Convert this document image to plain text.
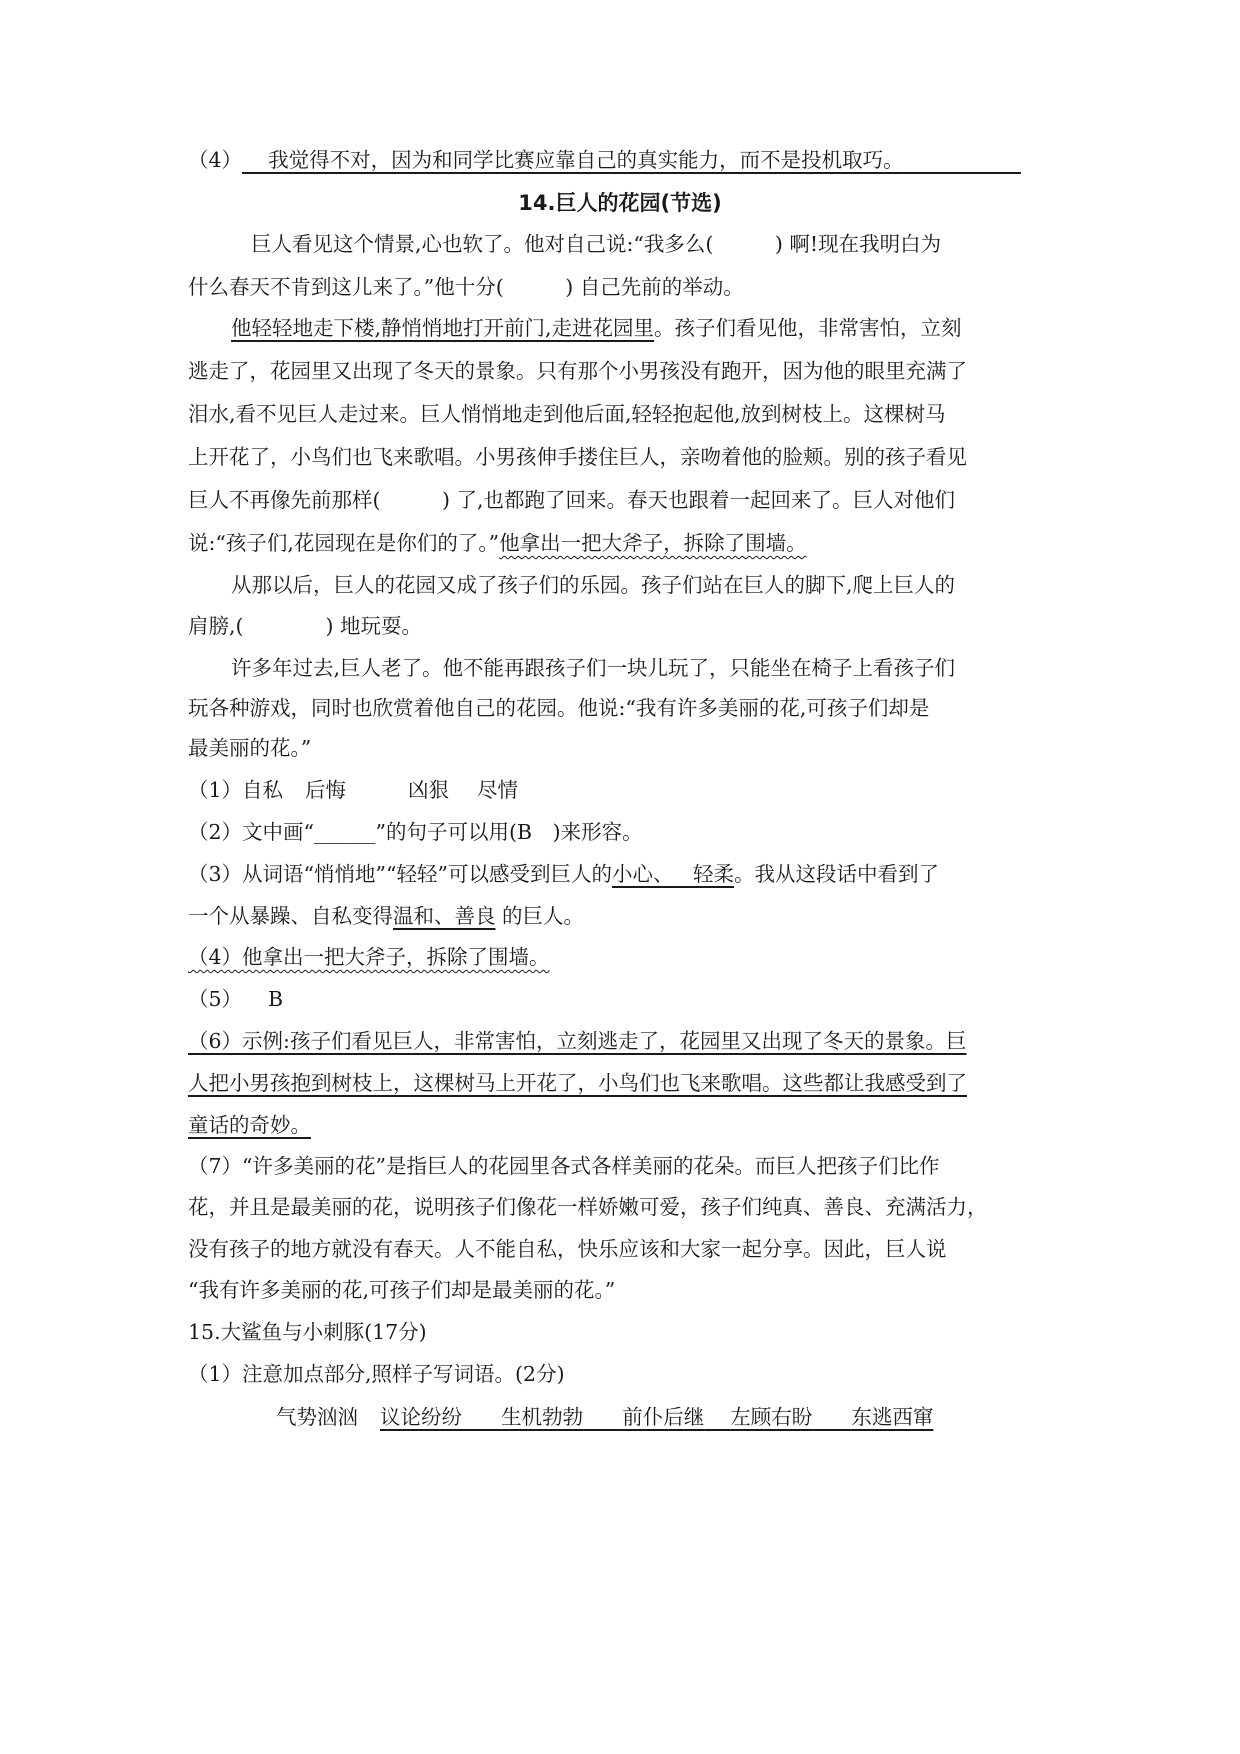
（4） 我觉得不对，因为和同学比赛应靠自己的真实能力，而不是投机取巧。
14.巨人的花园(节选)
巨人看见这个情景,心也软了。他对自己说:“我多么(　　　) 啊!现在我明白为
什么春天不肯到这儿来了。”他十分(　　　) 自己先前的举动。
他轻轻地走下楼,静悄悄地打开前门,走进花园里。孩子们看见他，非常害怕，立刻
逃走了，花园里又出现了冬天的景象。只有那个小男孩没有跑开，因为他的眼里充满了
泪水,看不见巨人走过来。巨人悄悄地走到他后面,轻轻抱起他,放到树枝上。这棵树马
上开花了，小鸟们也飞来歌唱。小男孩伸手搂住巨人，亲吻着他的脸颊。别的孩子看见
巨人不再像先前那样(　　　) 了,也都跑了回来。春天也跟着一起回来了。巨人对他们
说:“孩子们,花园现在是你们的了。”他拿出一把大斧子，拆除了围墙。
从那以后，巨人的花园又成了孩子们的乐园。孩子们站在巨人的脚下,爬上巨人的
肩膀,(　　　　) 地玩耍。
许多年过去,巨人老了。他不能再跟孩子们一块儿玩了，只能坐在椅子上看孩子们
玩各种游戏，同时也欣赏着他自己的花园。他说:“我有许多美丽的花,可孩子们却是
最美丽的花。”
（1）自私 后悔	凶狠 尽情
（2）文中画“______”的句子可以用(B　)来形容。
（3）从词语“悄悄地”“轻轻”可以感受到巨人的小心、 轻柔。我从这段话中看到了
一个从暴躁、自私变得温和、善良 的巨人。
（4）他拿出一把大斧子，拆除了围墙。
（5） B
（6）示例:孩子们看见巨人，非常害怕，立刻逃走了，花园里又出现了冬天的景象。巨
人把小男孩抱到树枝上，这棵树马上开花了，小鸟们也飞来歌唱。这些都让我感受到了
童话的奇妙。
（7）“许多美丽的花”是指巨人的花园里各式各样美丽的花朵。而巨人把孩子们比作
花，并且是最美丽的花，说明孩子们像花一样娇嫩可爱，孩子们纯真、善良、充满活力，
没有孩子的地方就没有春天。人不能自私，快乐应该和大家一起分享。因此，巨人说
“我有许多美丽的花,可孩子们却是最美丽的花。”
15.大鲨鱼与小刺豚(17分)
（1）注意加点部分,照样子写词语。(2分)
气势汹汹 议论纷纷 生机勃勃 前仆后继 左顾右盼 东逃西窜
